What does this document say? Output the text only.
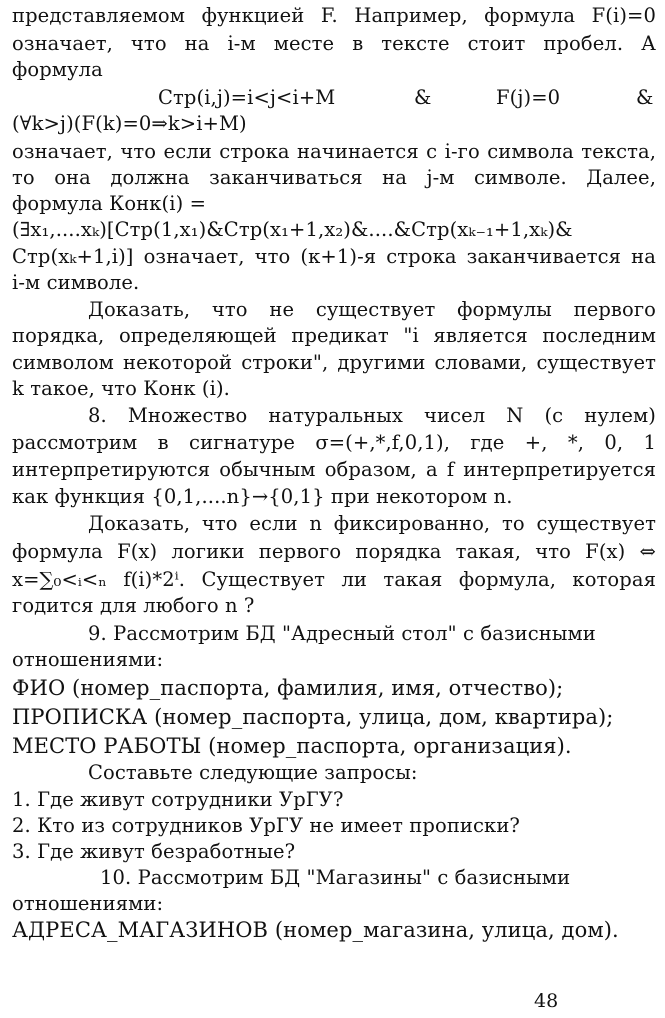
представляемом функцией F. Например, формула F(i)=0
означает, что на i-м месте в тексте стоит пробел. А
формула
Стр(i,j)=i<j<i+M	&	F(j)=0	&
(∀k>j)(F(k)=0⇒k>i+M)
означает, что если строка начинается с i-го символа текста,
то она должна заканчиваться на j-м символе. Далее,
формула Конк(i) =
(∃x₁,....xₖ)[Стр(1,x₁)&Стр(x₁+1,x₂)&....&Стр(xₖ₋₁+1,xₖ)&
Стр(xₖ+1,i)] означает, что (к+1)-я строка заканчивается на
i-м символе.
Доказать, что не существует формулы первого
порядка, определяющей предикат "i является последним
символом некоторой строки", другими словами, существует
k такое, что Конк (i).
8. Множество натуральных чисел N (с нулем)
рассмотрим в сигнатуре σ=(+,*,f,0,1), где +, *, 0, 1
интерпретируются обычным образом, а f интерпретируется
как функция {0,1,....n}→{0,1} при некотором n.
Доказать, что если n фиксированно, то существует
формула F(x) логики первого порядка такая, что F(x) ⇔
x=∑₀<ᵢ<ₙ f(i)*2ⁱ. Существует ли такая формула, которая
годится для любого n ?
9. Рассмотрим БД "Адресный стол" с базисными
отношениями:
ФИО (номер_паспорта, фамилия, имя, отчество);
ПРОПИСКА (номер_паспорта, улица, дом, квартира);
МЕСТО РАБОТЫ (номер_паспорта, организация).
Составьте следующие запросы:
1. Где живут сотрудники УрГУ?
2. Кто из сотрудников УрГУ не имеет прописки?
3. Где живут безработные?
10. Рассмотрим БД "Магазины" с базисными
отношениями:
АДРЕСА_МАГАЗИНОВ (номер_магазина, улица, дом).
48
